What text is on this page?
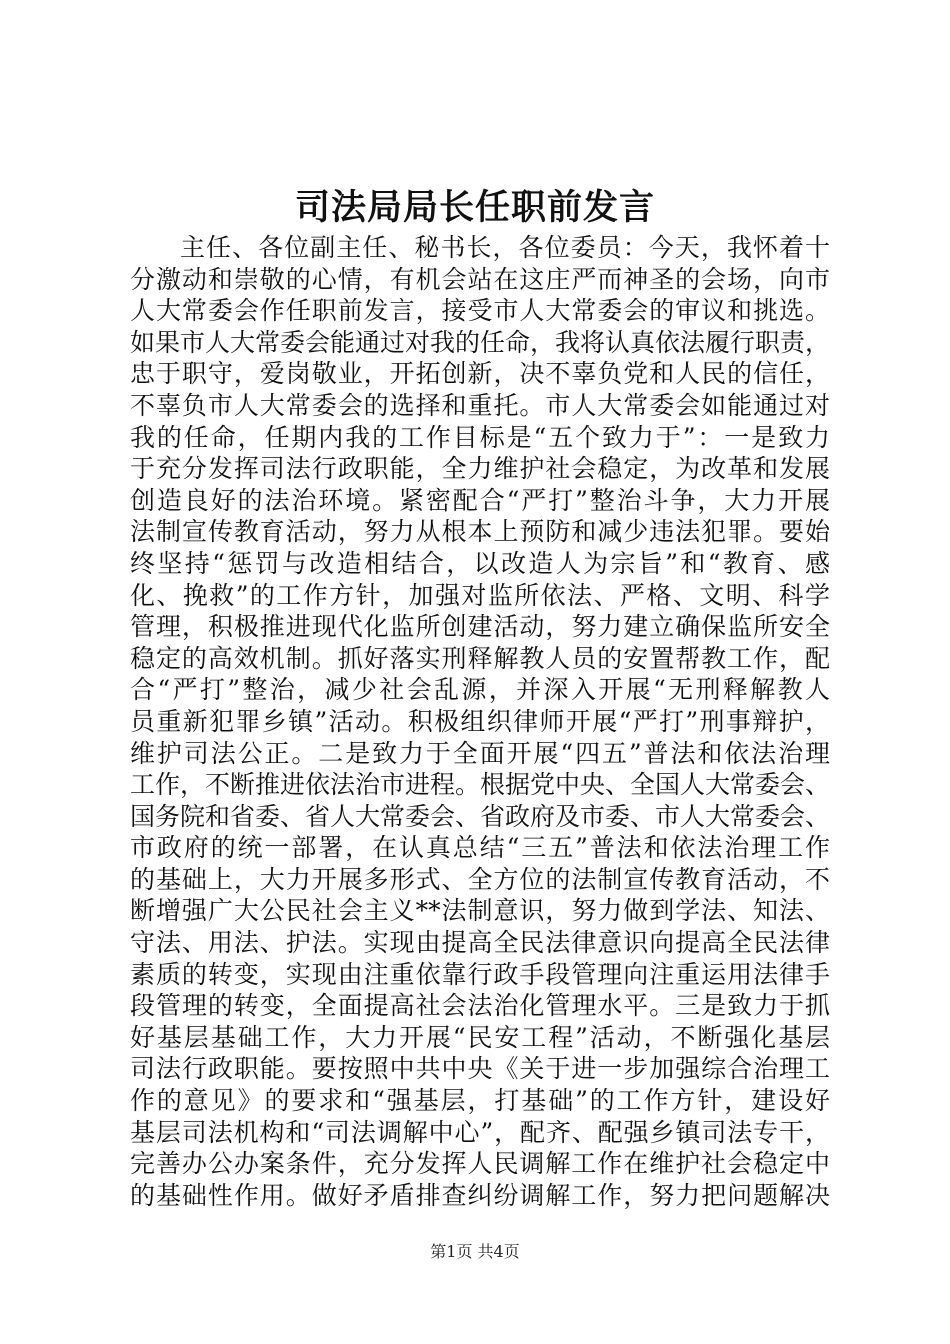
司法局局长任职前发言
主任、各位副主任、秘书长，各位委员：今天，我怀着十
分激动和崇敬的心情，有机会站在这庄严而神圣的会场，向市
人大常委会作任职前发言，接受市人大常委会的审议和挑选。
如果市人大常委会能通过对我的任命，我将认真依法履行职责，
忠于职守，爱岗敬业，开拓创新，决不辜负党和人民的信任，
不辜负市人大常委会的选择和重托。市人大常委会如能通过对
我的任命，任期内我的工作目标是“五个致力于”：一是致力
于充分发挥司法行政职能，全力维护社会稳定，为改革和发展
创造良好的法治环境。紧密配合“严打”整治斗争，大力开展
法制宣传教育活动，努力从根本上预防和减少违法犯罪。要始
终坚持“惩罚与改造相结合，以改造人为宗旨”和“教育、感
化、挽救”的工作方针，加强对监所依法、严格、文明、科学
管理，积极推进现代化监所创建活动，努力建立确保监所安全
稳定的高效机制。抓好落实刑释解教人员的安置帮教工作，配
合“严打”整治，减少社会乱源，并深入开展“无刑释解教人
员重新犯罪乡镇”活动。积极组织律师开展“严打”刑事辩护，
维护司法公正。二是致力于全面开展“四五”普法和依法治理
工作，不断推进依法治市进程。根据党中央、全国人大常委会、
国务院和省委、省人大常委会、省政府及市委、市人大常委会、
市政府的统一部署，在认真总结“三五”普法和依法治理工作
的基础上，大力开展多形式、全方位的法制宣传教育活动，不
断增强广大公民社会主义**法制意识，努力做到学法、知法、
守法、用法、护法。实现由提高全民法律意识向提高全民法律
素质的转变，实现由注重依靠行政手段管理向注重运用法律手
段管理的转变，全面提高社会法治化管理水平。三是致力于抓
好基层基础工作，大力开展“民安工程”活动，不断强化基层
司法行政职能。要按照中共中央《关于进一步加强综合治理工
作的意见》的要求和“强基层，打基础”的工作方针，建设好
基层司法机构和“司法调解中心”，配齐、配强乡镇司法专干，
完善办公办案条件，充分发挥人民调解工作在维护社会稳定中
的基础性作用。做好矛盾排查纠纷调解工作，努力把问题解决
第1页 共4页
